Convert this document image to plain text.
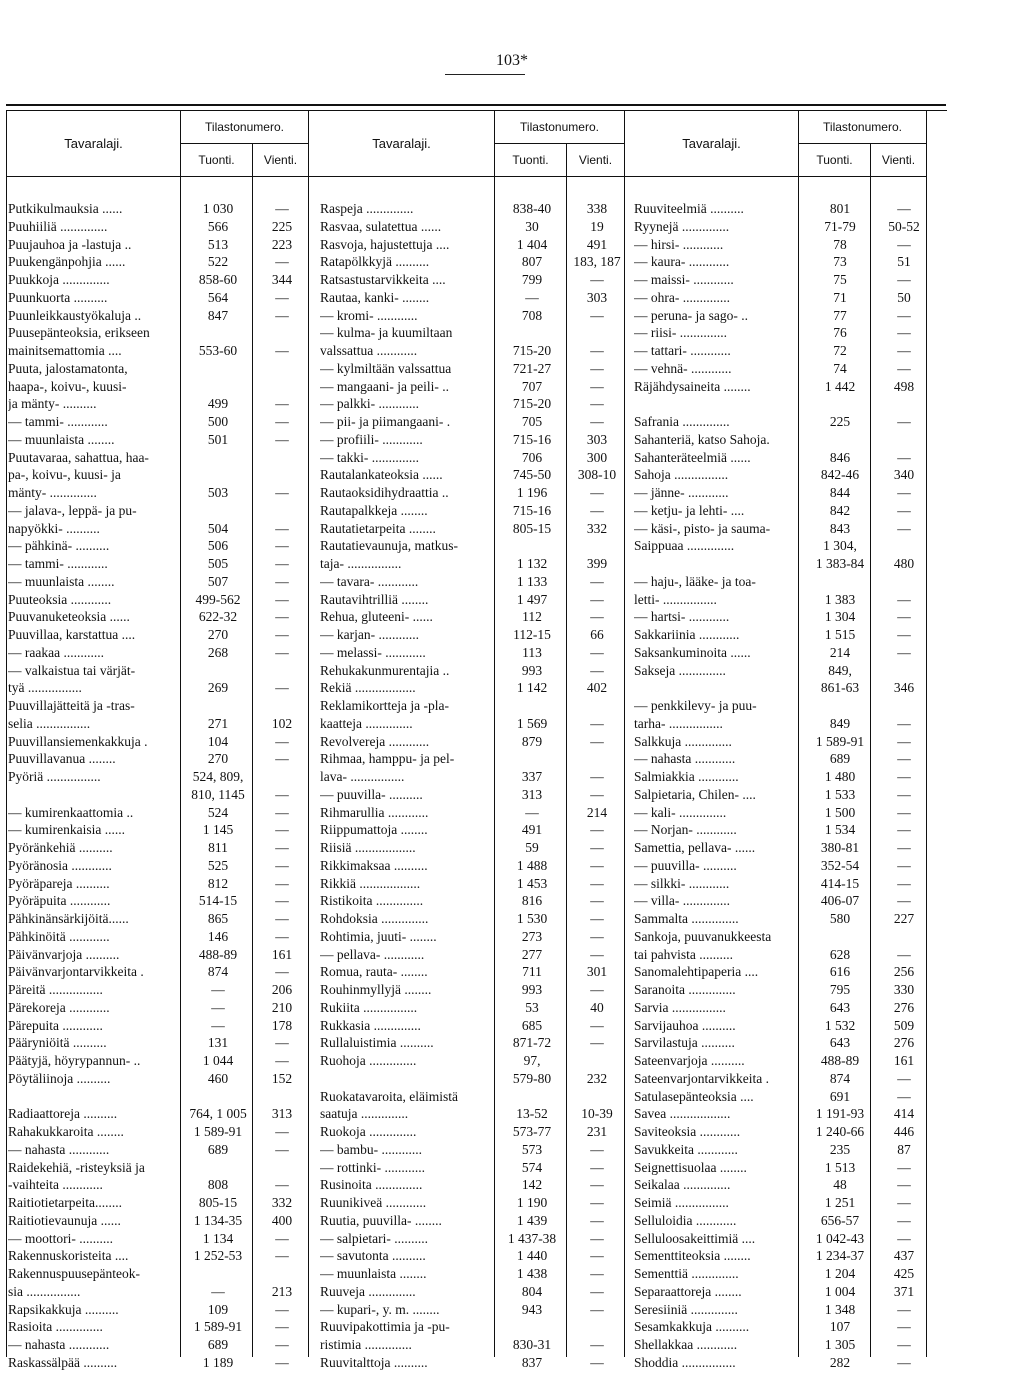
103*
Tavaralaji.
Tilastonumero.
Tavaralaji.
Tilastonumero.
Tavaralaji.
Tilastonumero.
Tuonti.	Vienti.	Tuonti.	Vienti.	Tuonti.	Vienti.
Putkikulmauksia ......	1 030	—
Puuhiiliä ..............	566	225
Puujauhoa ja -lastuja ..	513	223
Puukengänpohjia ......	522	—
Puukkoja ..............	858-60	344
Puunkuorta ..........	564	—
Puunleikkaustyökaluja ..	847	—
Puusepänteoksia, erikseen
mainitsemattomia ....	553-60	—
Puuta, jalostamatonta,
haapa-, koivu-, kuusi-
ja mänty- ..........	499	—
— tammi- ............	500	—
— muunlaista ........	501	—
Puutavaraa, sahattua, haa-
pa-, koivu-, kuusi- ja
mänty- ..............	503	—
— jalava-, leppä- ja pu-
napyökki- ..........	504	—
— pähkinä- ..........	506	—
— tammi- ............	505	—
— muunlaista ........	507	—
Puuteoksia ............	499-562	—
Puuvanuketeoksia ......	622-32	—
Puuvillaa, karstattua ....	270	—
— raakaa ............	268	—
— valkaistua tai värjät-
tyä ................	269	—
Puuvillajätteitä ja -tras-
selia ................	271	102
Puuvillansiemenkakkuja .	104	—
Puuvillavanua ........	270	—
Pyöriä ................	524, 809,
810, 1145	—
— kumirenkaattomia ..	524	—
— kumirenkaisia ......	1 145	—
Pyöränkehiä ..........	811	—
Pyöränosia ............	525	—
Pyöräpareja ..........	812	—
Pyöräpuita ............	514-15	—
Pähkinänsärkijöitä......	865	—
Pähkinöitä ............	146	—
Päivänvarjoja ..........	488-89	161
Päivänvarjontarvikkeita .	874	—
Päreitä ................	—	206
Pärekoreja ............	—	210
Pärepuita ............	—	178
Pääryniöitä ..........	131	—
Päätyjä, höyrypannun- ..	1 044	—
Pöytäliinoja ..........	460	152
Radiaattoreja ..........	764, 1 005	313
Rahakukkaroita ........	1 589-91	—
— nahasta ............	689	—
Raidekehiä, -risteyksiä ja
-vaihteita ............	808	—
Raitiotietarpeita........	805-15	332
Raitiotievaunuja ......	1 134-35	400
— moottori- ..........	1 134	—
Rakennuskoristeita ....	1 252-53	—
Rakennuspuusepänteok-
sia ................	—	213
Rapsikakkuja ..........	109	—
Rasioita ..............	1 589-91	—
— nahasta ............	689	—
Raskassälpää ..........	1 189	—
Raspeja ..............	838-40	338
Rasvaa, sulatettua ......	30	19
Rasvoja, hajustettuja ....	1 404	491
Ratapölkkyjä ..........	807	183, 187
Ratsastustarvikkeita ....	799	—
Rautaa, kanki- ........	—	303
— kromi- ............	708	—
— kulma- ja kuumiltaan
valssattua ............	715-20	—
— kylmiltään valssattua	721-27	—
— mangaani- ja peili- ..	707	—
— palkki- ............	715-20	—
— pii- ja piimangaani- .	705	—
— profiili- ............	715-16	303
— takki- ..............	706	300
Rautalankateoksia ......	745-50	308-10
Rautaoksidihydraattia ..	1 196	—
Rautapalkkeja ........	715-16	—
Rautatietarpeita ........	805-15	332
Rautatievaunuja, matkus-
taja- ................	1 132	399
— tavara- ............	1 133	—
Rautavihtrilliä ........	1 497	—
Rehua, gluteeni- ......	112	—
— karjan- ............	112-15	66
— melassi- ............	113	—
Rehukakunmurentajia ..	993	—
Rekiä ..................	1 142	402
Reklamikortteja ja -pla-
kaatteja ..............	1 569	—
Revolvereja ............	879	—
Rihmaa, hamppu- ja pel-
lava- ................	337	—
— puuvilla- ..........	313	—
Rihmarullia ............	—	214
Riippumattoja ........	491	—
Riisiä ..................	59	—
Rikkimaksaa ..........	1 488	—
Rikkiä ..................	1 453	—
Ristikoita ..............	816	—
Rohdoksia ..............	1 530	—
Rohtimia, juuti- ........	273	—
— pellava- ............	277	—
Romua, rauta- ........	711	301
Rouhinmyllyjä ........	993	—
Rukiita ................	53	40
Rukkasia ..............	685	—
Rullaluistimia ..........	871-72	—
Ruohoja ..............	97,
579-80	232
Ruokatavaroita, eläimistä
saatuja ..............	13-52	10-39
Ruokoja ..............	573-77	231
— bambu- ............	573	—
— rottinki- ............	574	—
Rusinoita ..............	142	—
Ruunikiveä ............	1 190	—
Ruutia, puuvilla- ........	1 439	—
— salpietari- ..........	1 437-38	—
— savutonta ..........	1 440	—
— muunlaista ........	1 438	—
Ruuveja ..............	804	—
— kupari-, y. m. ........	943	—
Ruuvipakottimia ja -pu-
ristimia ..............	830-31	—
Ruuvitalttoja ..........	837	—
Ruuviteelmiä ..........	801	—
Ryynejä ..............	71-79	50-52
— hirsi- ............	78	—
— kaura- ............	73	51
— maissi- ............	75	—
— ohra- ..............	71	50
— peruna- ja sago- ..	77	—
— riisi- ..............	76	—
— tattari- ............	72	—
— vehnä- ............	74	—
Räjähdysaineita ........	1 442	498
Safrania ..............	225	—
Sahanteriä, katso Sahoja.
Sahanteräteelmiä ......	846	—
Sahoja ................	842-46	340
— jänne- ............	844	—
— ketju- ja lehti- ....	842	—
— käsi-, pisto- ja sauma-	843	—
Saippuaa ..............	1 304,
1 383-84	480
— haju-, lääke- ja toa-
letti- ................	1 383	—
— hartsi- ............	1 304	—
Sakkariinia ............	1 515	—
Saksankuminoita ......	214	—
Sakseja ..............	849,
861-63	346
— penkkilevy- ja puu-
tarha- ................	849	—
Salkkuja ..............	1 589-91	—
— nahasta ............	689	—
Salmiakkia ............	1 480	—
Salpietaria, Chilen- ....	1 533	—
— kali- ..............	1 500	—
— Norjan- ............	1 534	—
Samettia, pellava- ......	380-81	—
— puuvilla- ..........	352-54	—
— silkki- ............	414-15	—
— villa- ..............	406-07	—
Sammalta ..............	580	227
Sankoja, puuvanukkeesta
tai pahvista ..........	628	—
Sanomalehtipaperia ....	616	256
Saranoita ..............	795	330
Sarvia ................	643	276
Sarvijauhoa ..........	1 532	509
Sarvilastuja ..........	643	276
Sateenvarjoja ..........	488-89	161
Sateenvarjontarvikkeita .	874	—
Satulasepänteoksia ....	691	—
Savea ..................	1 191-93	414
Saviteoksia ............	1 240-66	446
Savukkeita ............	235	87
Seignettisuolaa ........	1 513	—
Seikalaa ..............	48	—
Seimiä ................	1 251	—
Selluloidia ............	656-57	—
Selluloosakeittimiä ....	1 042-43	—
Sementtiteoksia ........	1 234-37	437
Sementtiä ..............	1 204	425
Separaattoreja ........	1 004	371
Seresiiniä ..............	1 348	—
Sesamkakkuja ..........	107	—
Shellakkaa ............	1 305	—
Shoddia ................	282	—
